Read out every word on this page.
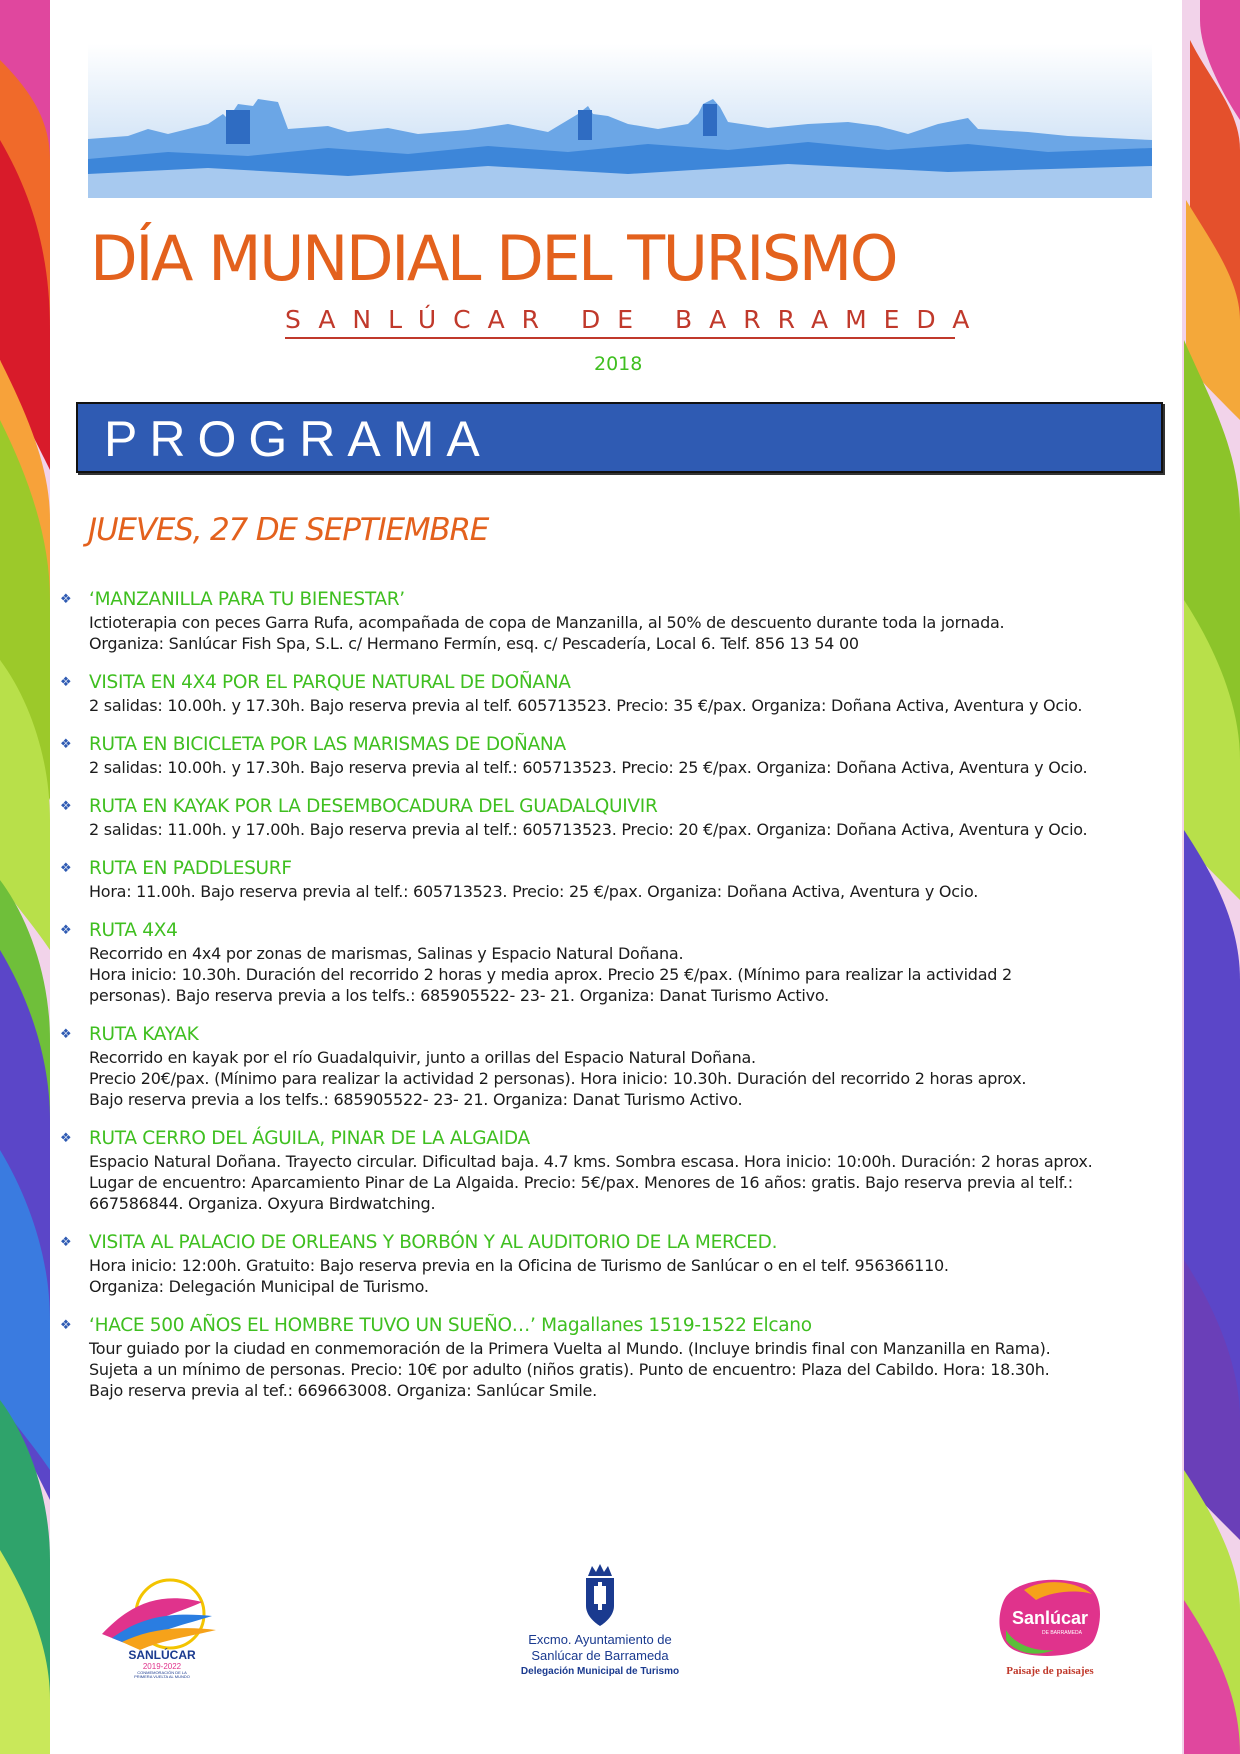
DÍA MUNDIAL DEL TURISMO

SANLÚCAR DE BARRAMEDA

2018

PROGRAMA
JUEVES, 27 DE SEPTIEMBRE
❖ ‘MANZANILLA PARA TU BIENESTAR’
Ictioterapia con peces Garra Rufa, acompañada de copa de Manzanilla, al 50% de descuento durante toda la jornada.
Organiza: Sanlúcar Fish Spa, S.L. c/ Hermano Fermín, esq. c/ Pescadería, Local 6. Telf. 856 13 54 00
❖ VISITA EN 4X4 POR EL PARQUE NATURAL DE DOÑANA
2 salidas: 10.00h. y 17.30h. Bajo reserva previa al telf. 605713523. Precio: 35 €/pax. Organiza: Doñana Activa, Aventura y Ocio.
❖ RUTA EN BICICLETA POR LAS MARISMAS DE DOÑANA
2 salidas: 10.00h. y 17.30h. Bajo reserva previa al telf.: 605713523. Precio: 25 €/pax. Organiza: Doñana Activa, Aventura y Ocio.
❖ RUTA EN KAYAK POR LA DESEMBOCADURA DEL GUADALQUIVIR
2 salidas: 11.00h. y 17.00h. Bajo reserva previa al telf.: 605713523. Precio: 20 €/pax. Organiza: Doñana Activa, Aventura y Ocio.
❖ RUTA EN PADDLESURF
Hora: 11.00h. Bajo reserva previa al telf.: 605713523. Precio: 25 €/pax. Organiza: Doñana Activa, Aventura y Ocio.
❖ RUTA 4X4
Recorrido en 4x4 por zonas de marismas, Salinas y Espacio Natural Doñana.
Hora inicio: 10.30h. Duración del recorrido 2 horas y media aprox. Precio 25 €/pax. (Mínimo para realizar la actividad 2
personas). Bajo reserva previa a los telfs.: 685905522- 23- 21. Organiza: Danat Turismo Activo.
❖ RUTA KAYAK
Recorrido en kayak por el río Guadalquivir, junto a orillas del Espacio Natural Doñana.
Precio 20€/pax. (Mínimo para realizar la actividad 2 personas). Hora inicio: 10.30h. Duración del recorrido 2 horas aprox.
Bajo reserva previa a los telfs.: 685905522- 23- 21. Organiza: Danat Turismo Activo.
❖ RUTA CERRO DEL ÁGUILA, PINAR DE LA ALGAIDA
Espacio Natural Doñana. Trayecto circular. Dificultad baja. 4.7 kms. Sombra escasa. Hora inicio: 10:00h. Duración: 2 horas aprox.
Lugar de encuentro: Aparcamiento Pinar de La Algaida. Precio: 5€/pax. Menores de 16 años: gratis. Bajo reserva previa al telf.:
667586844. Organiza. Oxyura Birdwatching.
❖ VISITA AL PALACIO DE ORLEANS Y BORBÓN Y AL AUDITORIO DE LA MERCED.
Hora inicio: 12:00h. Gratuito: Bajo reserva previa en la Oficina de Turismo de Sanlúcar o en el telf. 956366110.
Organiza: Delegación Municipal de Turismo.
❖ ‘HACE 500 AÑOS EL HOMBRE TUVO UN SUEÑO…’ Magallanes 1519-1522 Elcano
Tour guiado por la ciudad en conmemoración de la Primera Vuelta al Mundo. (Incluye brindis final con Manzanilla en Rama).
Sujeta a un mínimo de personas. Precio: 10€ por adulto (niños gratis). Punto de encuentro: Plaza del Cabildo. Hora: 18.30h.
Bajo reserva previa al tef.: 669663008. Organiza: Sanlúcar Smile.
SANLÚCAR
2019-2022
CONMEMORACIÓN DE LA
PRIMERA VUELTA AL MUNDO
Excmo. Ayuntamiento de
Sanlúcar de Barrameda
Delegación Municipal de Turismo
Sanlúcar
DE BARRAMEDA
Paisaje de paisajes
